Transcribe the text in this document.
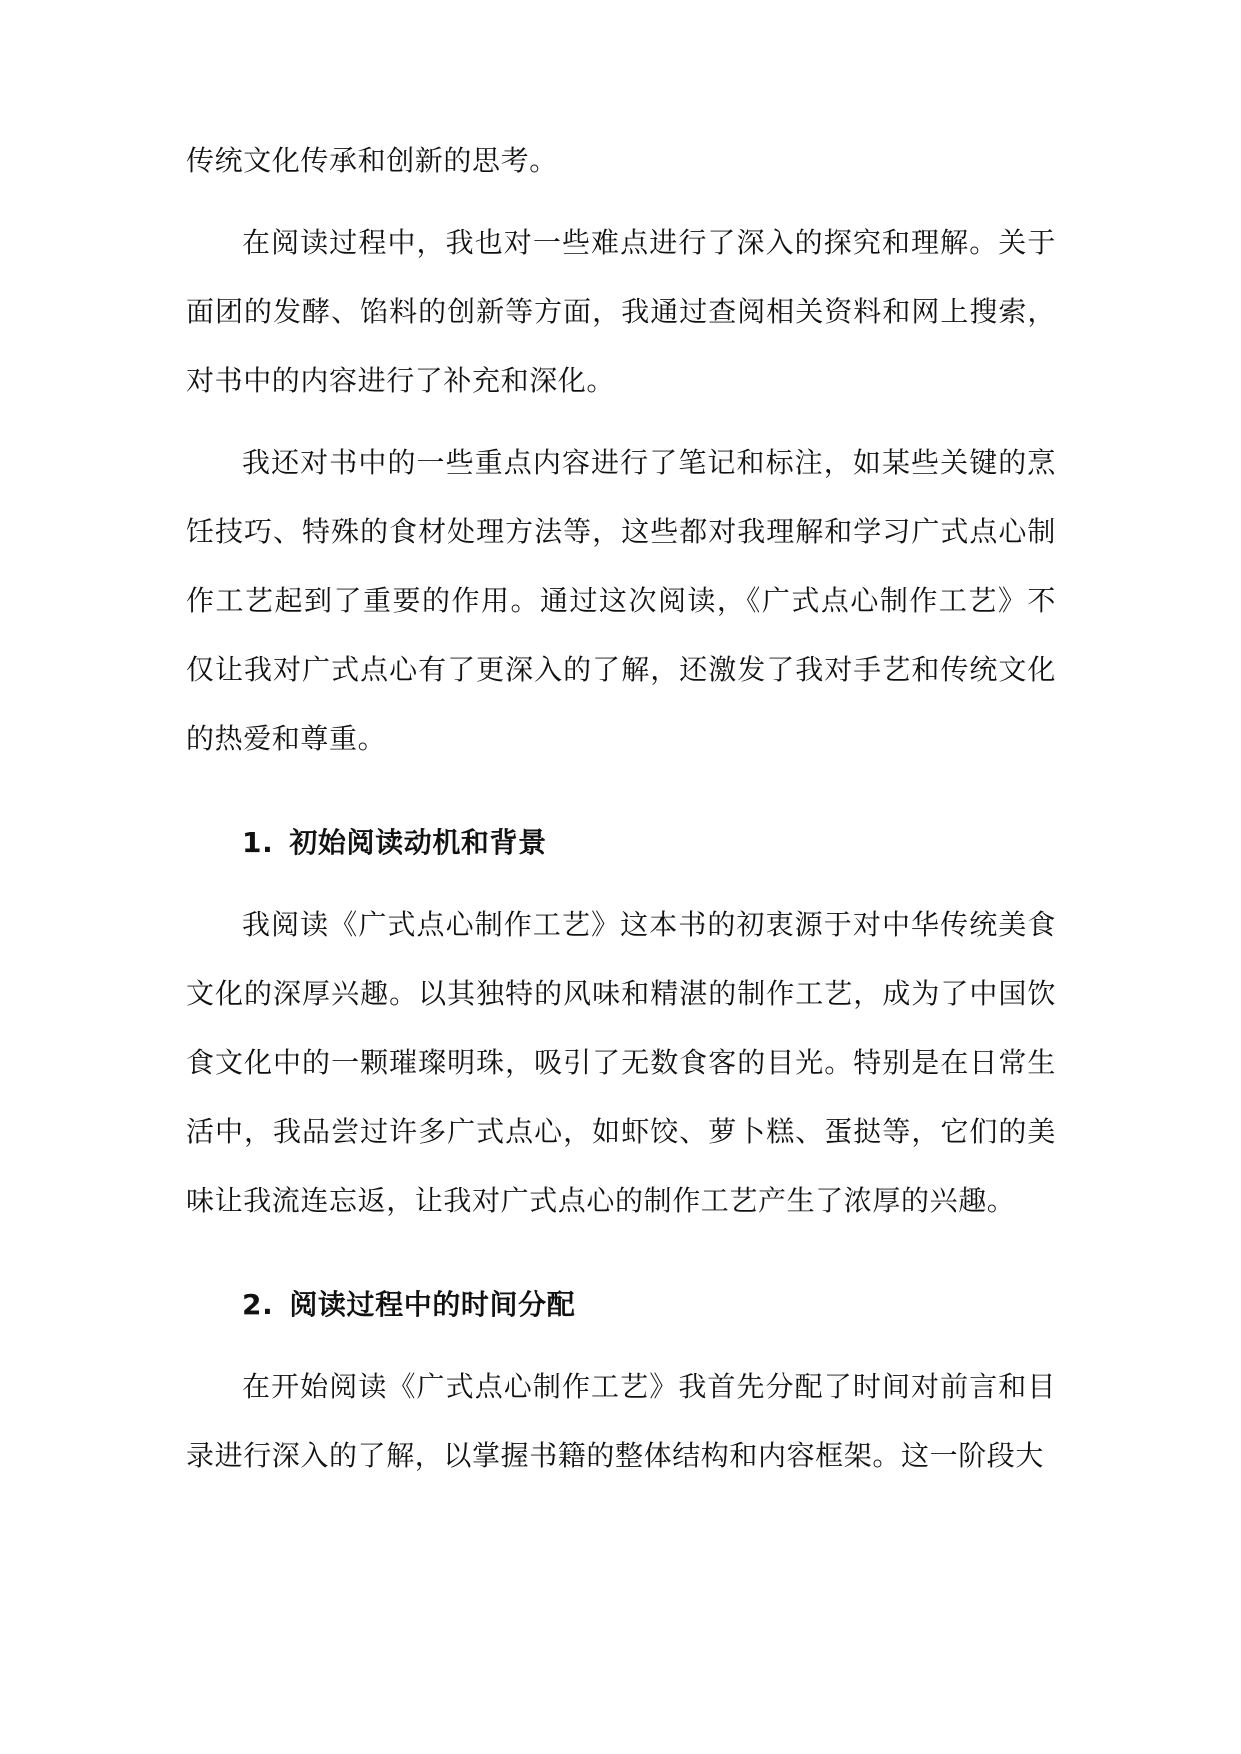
传统文化传承和创新的思考。

在阅读过程中，我也对一些难点进行了深入的探究和理解。关于面团的发酵、馅料的创新等方面，我通过查阅相关资料和网上搜索，对书中的内容进行了补充和深化。

我还对书中的一些重点内容进行了笔记和标注，如某些关键的烹饪技巧、特殊的食材处理方法等，这些都对我理解和学习广式点心制作工艺起到了重要的作用。通过这次阅读，《广式点心制作工艺》不仅让我对广式点心有了更深入的了解，还激发了我对手艺和传统文化的热爱和尊重。

1. 初始阅读动机和背景

我阅读《广式点心制作工艺》这本书的初衷源于对中华传统美食文化的深厚兴趣。以其独特的风味和精湛的制作工艺，成为了中国饮食文化中的一颗璀璨明珠，吸引了无数食客的目光。特别是在日常生活中，我品尝过许多广式点心，如虾饺、萝卜糕、蛋挞等，它们的美味让我流连忘返，让我对广式点心的制作工艺产生了浓厚的兴趣。

2. 阅读过程中的时间分配

在开始阅读《广式点心制作工艺》我首先分配了时间对前言和目录进行深入的了解，以掌握书籍的整体结构和内容框架。这一阶段大
